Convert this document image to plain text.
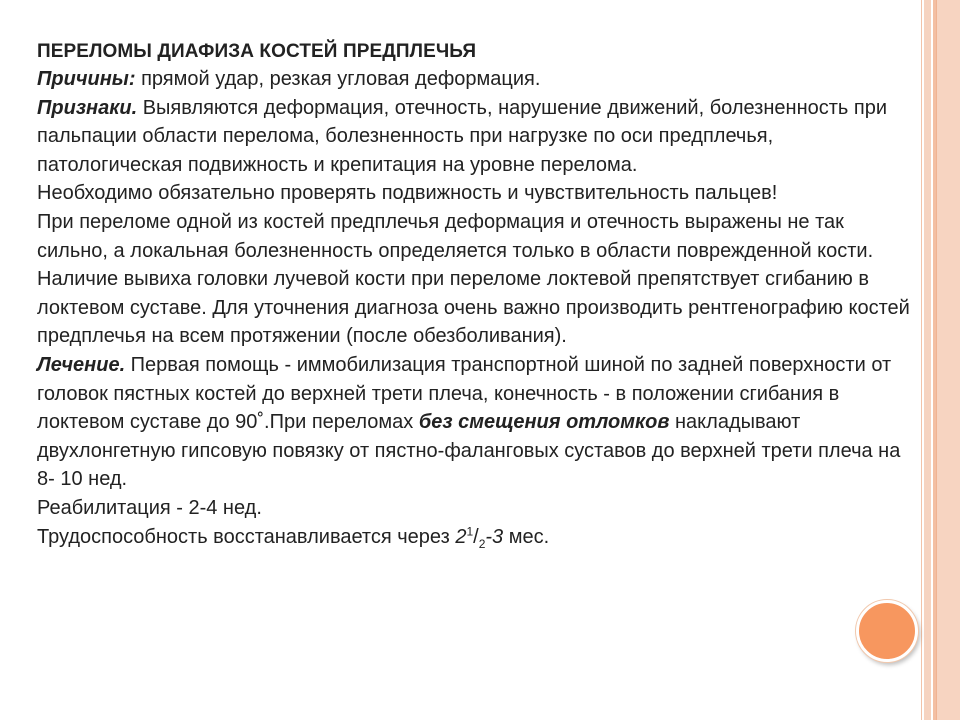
ПЕРЕЛОМЫ ДИАФИЗА КОСТЕЙ ПРЕДПЛЕЧЬЯ

Причины: прямой удар, резкая угловая деформация.

Признаки. Выявляются деформация, отечность, нарушение движений, болезненность при пальпации области перелома, болезненность при нагрузке по оси предплечья, патологическая подвижность и крепитация на уровне перелома.

Необходимо обязательно проверять подвижность и чувствительность пальцев!

При переломе одной из костей предплечья деформация и отечность выражены не так сильно, а локальная болезненность определяется только в области поврежденной кости. Наличие вывиха головки лучевой кости при переломе локтевой препятствует сгибанию в локтевом суставе. Для уточнения диагноза очень важно производить рентгенографию костей предплечья на всем протяжении (после обезболивания).

Лечение. Первая помощь - иммобилизация транспортной шиной по задней поверхности от головок пястных костей до верхней трети плеча, конечность - в положении сгибания в локтевом суставе до 90˚.При переломах без смещения отломков накладывают двухлонгетную гипсовую повязку от пястно-фаланговых суставов до верхней трети плеча на 8- 10 нед.

Реабилитация - 2-4 нед.

Трудоспособность восстанавливается через $2^1/_2-3$ мес.
